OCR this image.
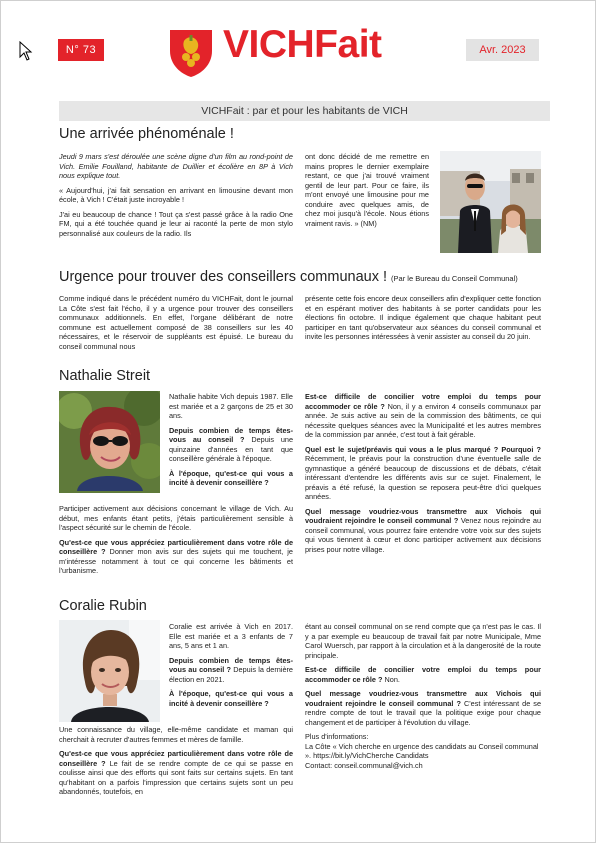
N° 73	VICHFait	Avr. 2023
VICHFait : par et pour les habitants de VICH
Une arrivée phénoménale !

Jeudi 9 mars s'est déroulée une scène digne d'un film au rond-point de Vich. Emilie Fouilland, habitante de Duillier et écolière en 8P à Vich nous explique tout.

« Aujourd'hui, j'ai fait sensation en arrivant en limousine devant mon école, à Vich ! C'était juste incroyable !

J'ai eu beaucoup de chance ! Tout ça s'est passé grâce à la radio One FM, qui a été touchée quand je leur ai raconté la perte de mon stylo personnalisé aux couleurs de la radio. Ils

ont donc décidé de me remettre en mains propres le dernier exemplaire restant, ce que j'ai trouvé vraiment gentil de leur part. Pour ce faire, ils m'ont envoyé une limousine pour me conduire avec quelques amis, de chez moi jusqu'à l'école. Nous étions vraiment ravis. » (NM)

Urgence pour trouver des conseillers communaux ! (Par le Bureau du Conseil Communal)

Comme indiqué dans le précédent numéro du VICHFait, dont le journal La Côte s'est fait l'écho, il y a urgence pour trouver des conseillers communaux additionnels. En effet, l'organe délibérant de notre commune est actuellement composé de 38 conseillers sur les 40 nécessaires, et le réservoir de suppléants est épuisé. Le bureau du conseil communal nous

présente cette fois encore deux conseillers afin d'expliquer cette fonction et en espérant motiver des habitants à se porter candidats pour les élections fin octobre. Il indique également que chaque habitant peut participer en tant qu'observateur aux séances du conseil communal et invite les personnes intéressées à venir assister au conseil du 20 juin.

Nathalie Streit

Nathalie habite Vich depuis 1987. Elle est mariée et a 2 garçons de 25 et 30 ans.

Depuis combien de temps êtes-vous au conseil ? Depuis une quinzaine d'années en tant que conseillère générale à l'époque.

À l'époque, qu'est-ce qui vous a incité à devenir conseillère ?

Participer activement aux décisions concernant le village de Vich. Au début, mes enfants étant petits, j'étais particulièrement sensible à l'aspect sécurité sur le chemin de l'école.

Qu'est-ce que vous appréciez particulièrement dans votre rôle de conseillère ? Donner mon avis sur des sujets qui me touchent, je m'intéresse notamment à tout ce qui concerne les bâtiments et l'urbanisme.

Est-ce difficile de concilier votre emploi du temps pour accommoder ce rôle ? Non, il y a environ 4 conseils communaux par année. Je suis active au sein de la commission des bâtiments, ce qui nécessite quelques séances avec la Municipalité et les autres membres de la commission par année, c'est tout à fait gérable.

Quel est le sujet/préavis qui vous a le plus marqué ? Pourquoi ? Récemment, le préavis pour la construction d'une éventuelle salle de gymnastique a généré beaucoup de discussions et de débats, c'était intéressant d'entendre les différents avis sur ce sujet. Finalement, le préavis a été refusé, la question se reposera peut-être d'ici quelques années.

Quel message voudriez-vous transmettre aux Vichois qui voudraient rejoindre le conseil communal ? Venez nous rejoindre au conseil communal, vous pourrez faire entendre votre voix sur des sujets qui vous tiennent à cœur et donc participer activement aux décisions prises pour notre village.

Coralie Rubin

Coralie est arrivée à Vich en 2017. Elle est mariée et a 3 enfants de 7 ans, 5 ans et 1 an.

Depuis combien de temps êtes-vous au conseil ? Depuis la dernière élection en 2021.

À l'époque, qu'est-ce qui vous a incité à devenir conseillère ?

Une connaissance du village, elle-même candidate et maman qui cherchait à recruter d'autres femmes et mères de famille.

Qu'est-ce que vous appréciez particulièrement dans votre rôle de conseillère ? Le fait de se rendre compte de ce qui se passe en coulisse ainsi que des efforts qui sont faits sur certains sujets. En tant qu'habitant on a parfois l'impression que certains sujets sont un peu abandonnés, toutefois, en

étant au conseil communal on se rend compte que ça n'est pas le cas. Il y a par exemple eu beaucoup de travail fait par notre Municipale, Mme Carol Wuersch, par rapport à la circulation et à la dangerosité de la route principale.

Est-ce difficile de concilier votre emploi du temps pour accommoder ce rôle ? Non.

Quel message voudriez-vous transmettre aux Vichois qui voudraient rejoindre le conseil communal ? C'est intéressant de se rendre compte de tout le travail que la politique exige pour chaque changement et de participer à l'évolution du village.

Plus d'informations:
La Côte « Vich cherche en urgence des candidats au Conseil communal ». https://bit.ly/VichCherche Candidats
Contact: conseil.communal@vich.ch
